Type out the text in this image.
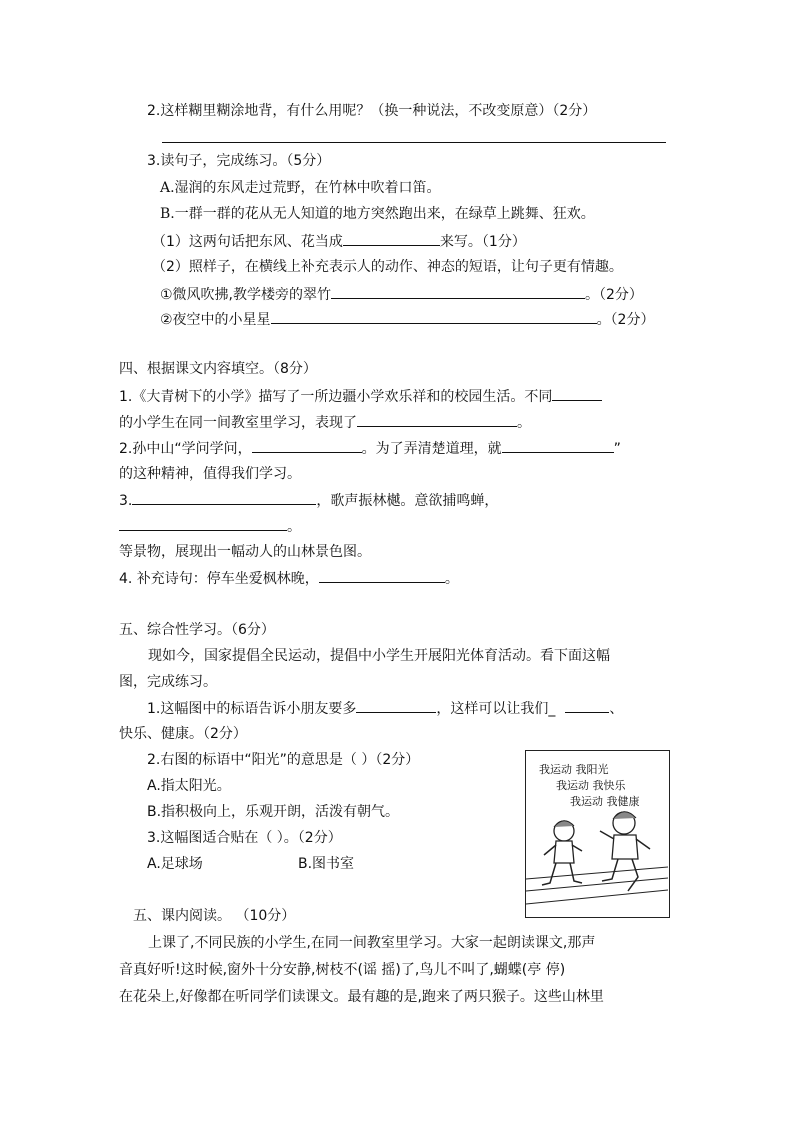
2.这样糊里糊涂地背，有什么用呢？（换一种说法，不改变原意）（2分）
3.读句子，完成练习。（5分）
A.湿润的东风走过荒野，在竹林中吹着口笛。
B.一群一群的花从无人知道的地方突然跑出来，在绿草上跳舞、狂欢。
（1）这两句话把东风、花当成	来写。（1分）
（2）照样子，在横线上补充表示人的动作、神态的短语，让句子更有情趣。
①微风吹拂,教学楼旁的翠竹	。（2分）
②夜空中的小星星	。（2分）
四、根据课文内容填空。（8分）
1.《大青树下的小学》描写了一所边疆小学欢乐祥和的校园生活。不同
的小学生在同一间教室里学习，表现了	。
2.孙中山“学问学问，	。为了弄清楚道理，就	”
的这种精神，值得我们学习。
3.	，歌声振林樾。意欲捕鸣蝉，
。
等景物，展现出一幅动人的山林景色图。
4. 补充诗句：停车坐爱枫林晚，	。
五、综合性学习。（6分）
现如今，国家提倡全民运动，提倡中小学生开展阳光体育活动。看下面这幅
图，完成练习。
1.这幅图中的标语告诉小朋友要多	，这样可以让我们_	、
快乐、健康。（2分）
2.右图的标语中“阳光”的意思是（ ）（2分）
A.指太阳光。
B.指积极向上，乐观开朗，活泼有朝气。
3.这幅图适合贴在（ ）。（2分）
A.足球场	B.图书室
我运动 我阳光
我运动 我快乐
我运动 我健康
五、课内阅读。 （10分）
上课了,不同民族的小学生,在同一间教室里学习。大家一起朗读课文,那声
音真好听!这时候,窗外十分安静,树枝不(谣 摇)了,鸟儿不叫了,蝴蝶(亭 停)
在花朵上,好像都在听同学们读课文。最有趣的是,跑来了两只猴子。这些山林里
